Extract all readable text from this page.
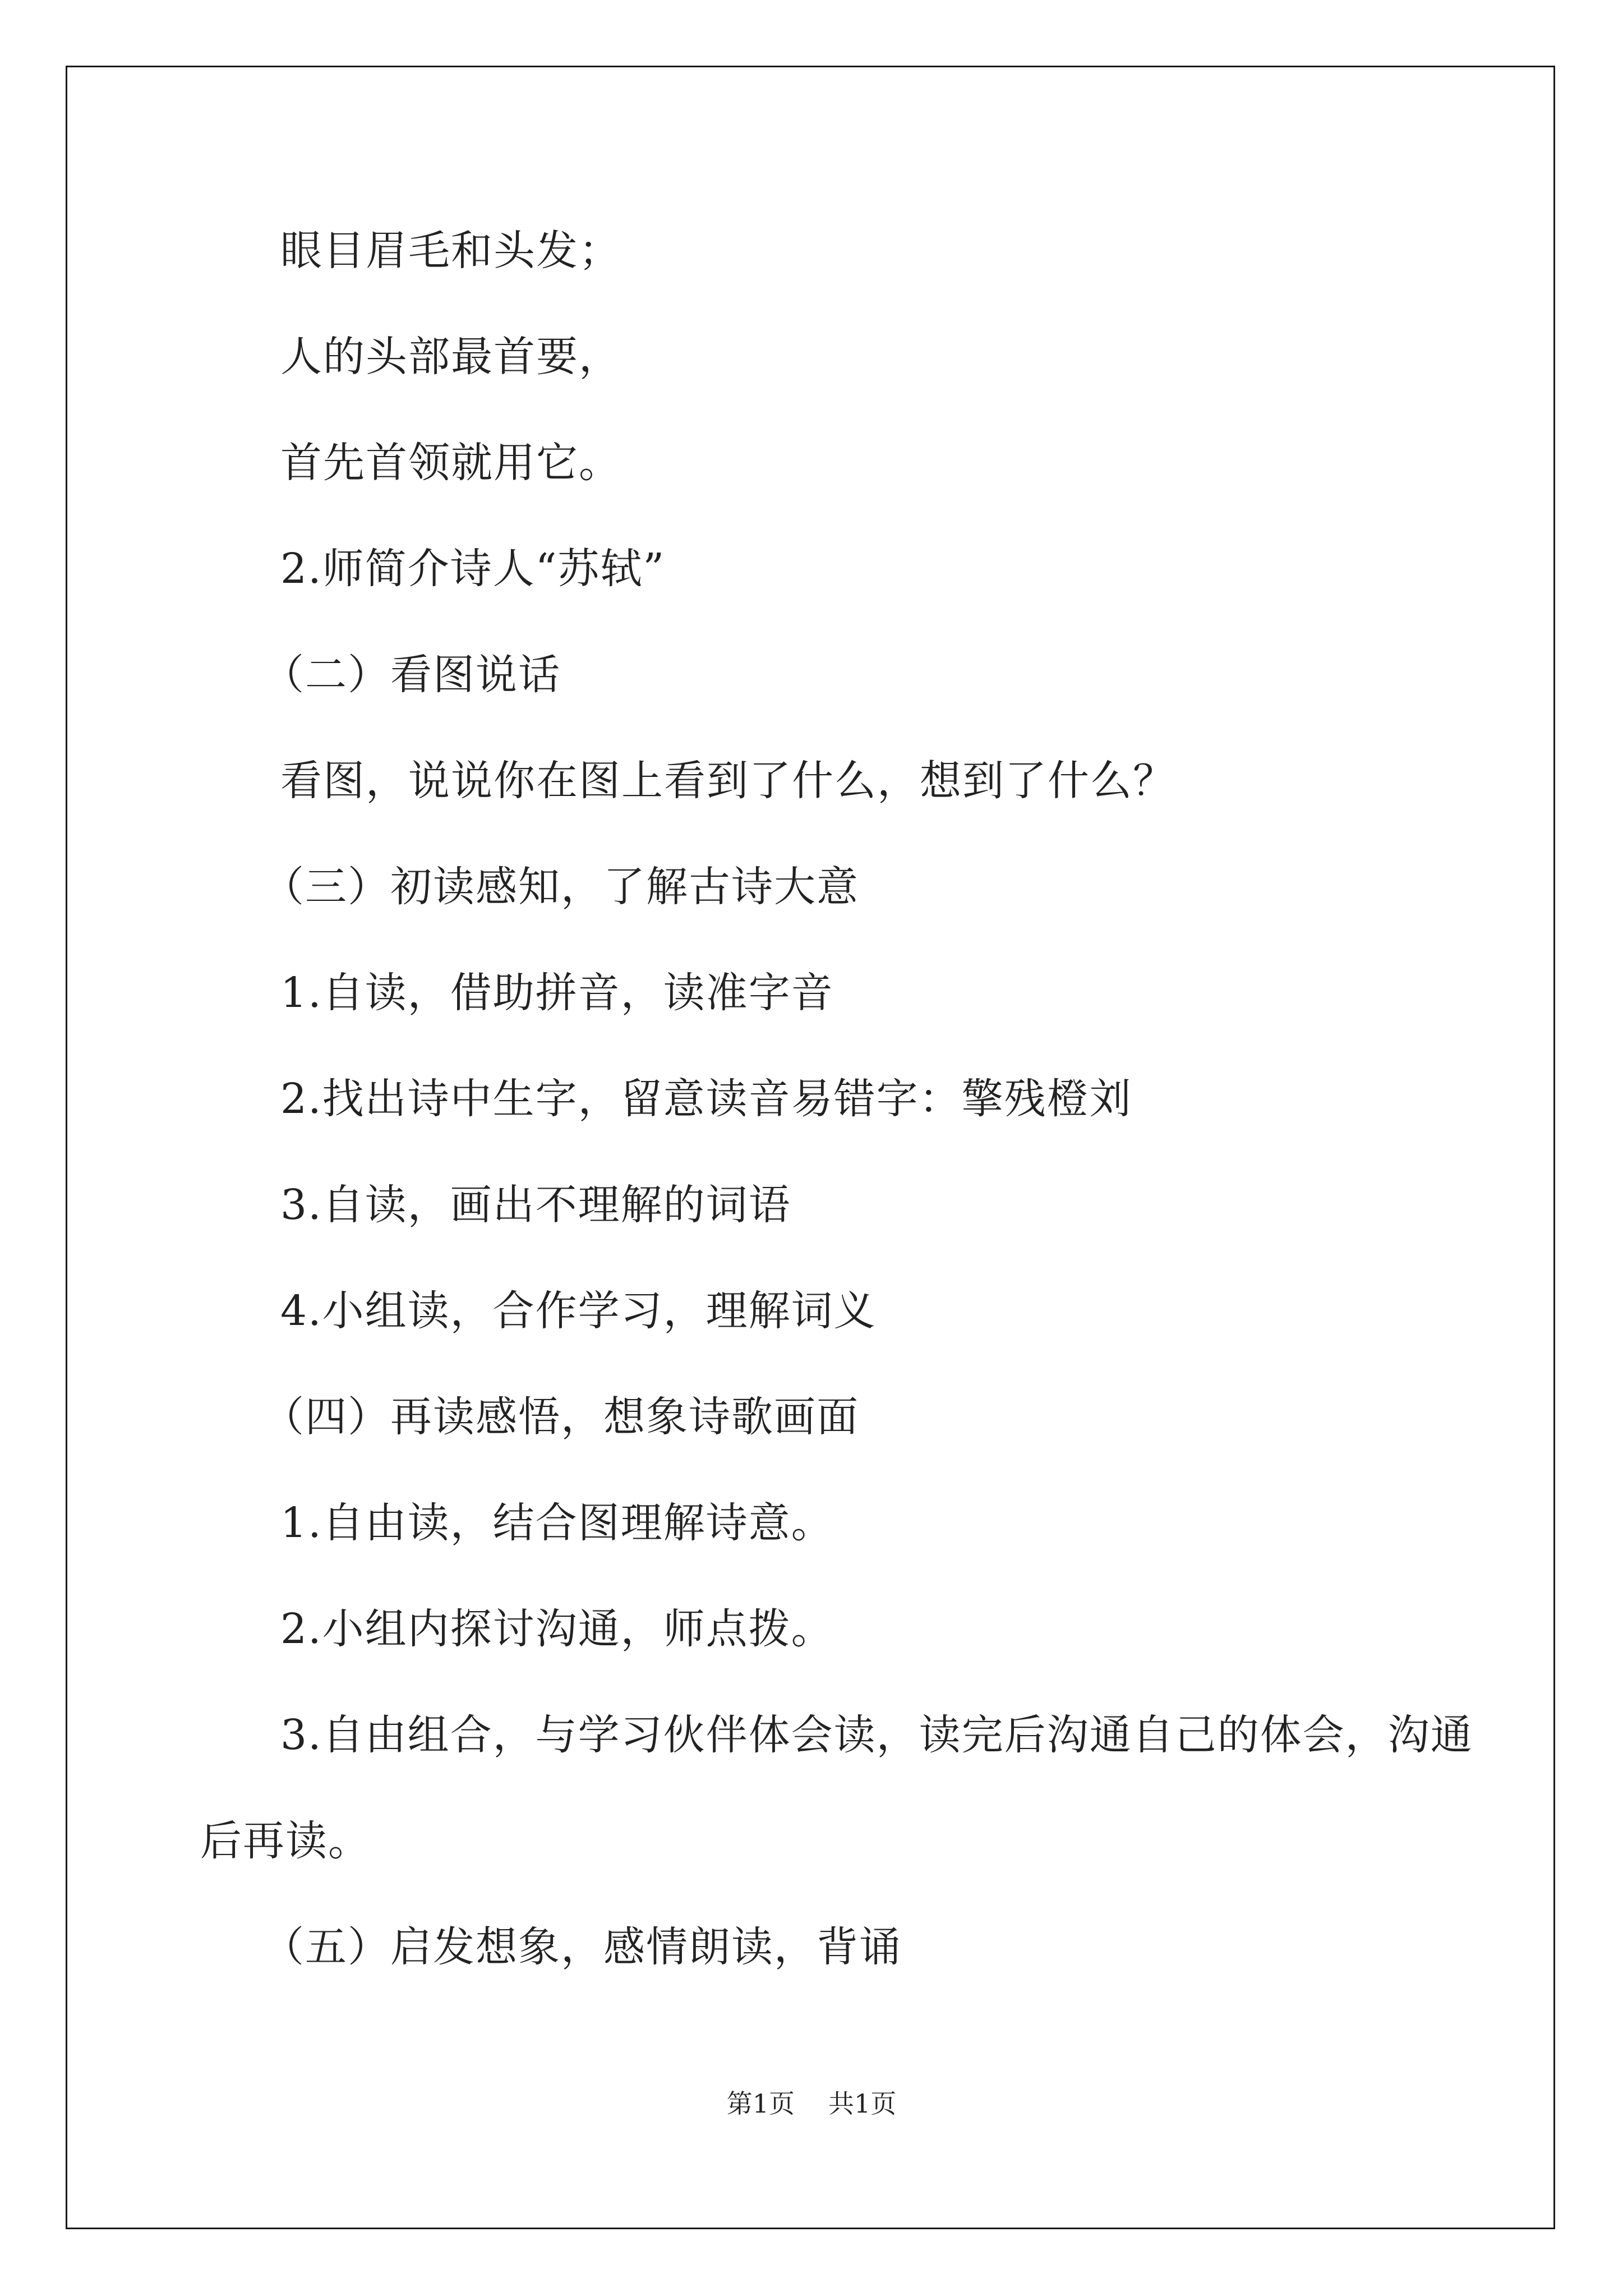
眼目眉毛和头发；
人的头部最首要，
首先首领就用它。
2.师简介诗人“苏轼”
（二）看图说话
看图，说说你在图上看到了什么，想到了什么？
（三）初读感知，了解古诗大意
1.自读，借助拼音，读准字音
2.找出诗中生字，留意读音易错字：擎残橙刘
3.自读，画出不理解的词语
4.小组读，合作学习，理解词义
（四）再读感悟，想象诗歌画面
1.自由读，结合图理解诗意。
2.小组内探讨沟通，师点拨。
3.自由组合，与学习伙伴体会读，读完后沟通自己的体会，沟通
后再读。
（五）启发想象，感情朗读，背诵
第1页 共1页
